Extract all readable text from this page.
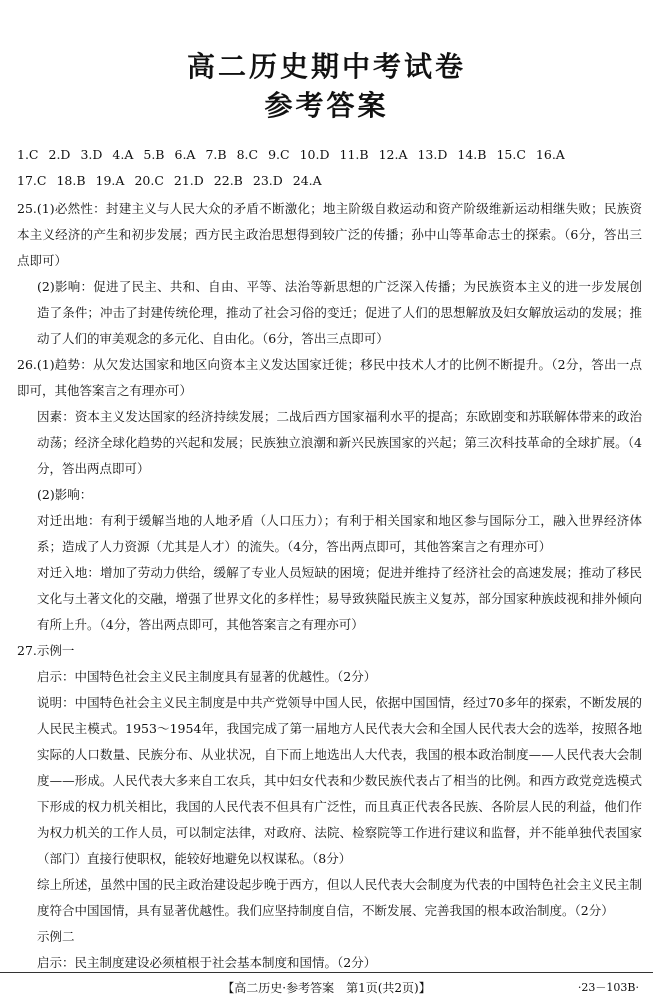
高二历史期中考试卷
参考答案
1.C 2.D 3.D 4.A 5.B 6.A 7.B 8.C 9.C 10.D 11.B 12.A 13.D 14.B 15.C 16.A
17.C 18.B 19.A 20.C 21.D 22.B 23.D 24.A

25.(1)必然性：封建主义与人民大众的矛盾不断激化；地主阶级自救运动和资产阶级维新运动相继失败；民族资本主义经济的产生和初步发展；西方民主政治思想得到较广泛的传播；孙中山等革命志士的探索。（6分，答出三点即可）

(2)影响：促进了民主、共和、自由、平等、法治等新思想的广泛深入传播；为民族资本主义的进一步发展创造了条件；冲击了封建传统伦理，推动了社会习俗的变迁；促进了人们的思想解放及妇女解放运动的发展；推动了人们的审美观念的多元化、自由化。（6分，答出三点即可）

26.(1)趋势：从欠发达国家和地区向资本主义发达国家迁徙；移民中技术人才的比例不断提升。（2分，答出一点即可，其他答案言之有理亦可）

因素：资本主义发达国家的经济持续发展；二战后西方国家福利水平的提高；东欧剧变和苏联解体带来的政治动荡；经济全球化趋势的兴起和发展；民族独立浪潮和新兴民族国家的兴起；第三次科技革命的全球扩展。（4分，答出两点即可）

(2)影响：

对迁出地：有利于缓解当地的人地矛盾（人口压力）；有利于相关国家和地区参与国际分工，融入世界经济体系；造成了人力资源（尤其是人才）的流失。（4分，答出两点即可，其他答案言之有理亦可）

对迁入地：增加了劳动力供给，缓解了专业人员短缺的困境；促进并维持了经济社会的高速发展；推动了移民文化与土著文化的交融，增强了世界文化的多样性；易导致狭隘民族主义复苏，部分国家种族歧视和排外倾向有所上升。（4分，答出两点即可，其他答案言之有理亦可）

27.示例一

启示：中国特色社会主义民主制度具有显著的优越性。（2分）

说明：中国特色社会主义民主制度是中共产党领导中国人民，依据中国国情，经过70多年的探索，不断发展的人民民主模式。1953～1954年，我国完成了第一届地方人民代表大会和全国人民代表大会的选举，按照各地实际的人口数量、民族分布、从业状况，自下而上地选出人大代表，我国的根本政治制度——人民代表大会制度——形成。人民代表大多来自工农兵，其中妇女代表和少数民族代表占了相当的比例。和西方政党竞选模式下形成的权力机关相比，我国的人民代表不但具有广泛性，而且真正代表各民族、各阶层人民的利益，他们作为权力机关的工作人员，可以制定法律，对政府、法院、检察院等工作进行建议和监督，并不能单独代表国家（部门）直接行使职权，能较好地避免以权谋私。（8分）

综上所述，虽然中国的民主政治建设起步晚于西方，但以人民代表大会制度为代表的中国特色社会主义民主制度符合中国国情，具有显著优越性。我们应坚持制度自信，不断发展、完善我国的根本政治制度。（2分）

示例二

启示：民主制度建设必须植根于社会基本制度和国情。（2分）

【高二历史·参考答案　第1页(共2页)】	·23－103B·
